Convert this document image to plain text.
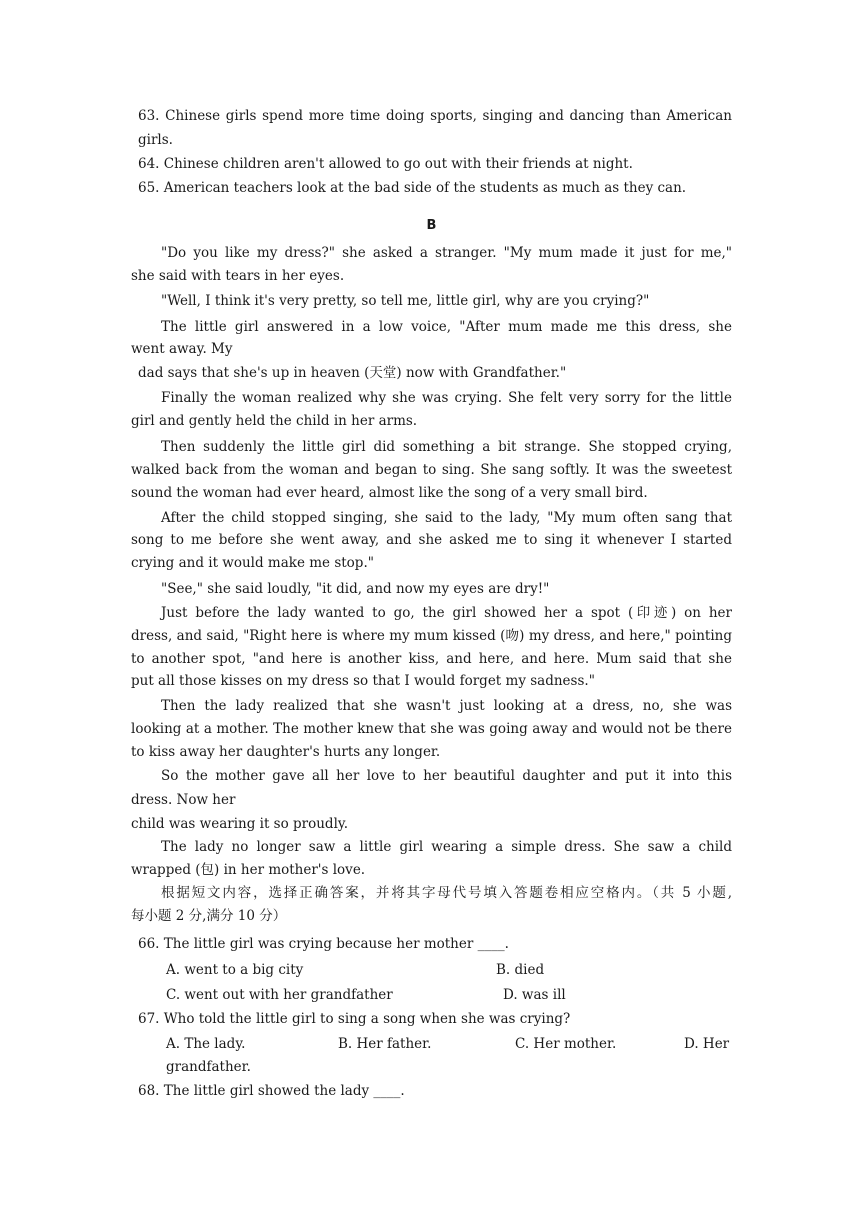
63. Chinese girls spend more time doing sports, singing and dancing than American
girls.
64. Chinese children aren't allowed to go out with their friends at night.
65. American teachers look at the bad side of the students as much as they can.
B
"Do you like my dress?" she asked a stranger. "My mum made it just for me,"
she said with tears in her eyes.
"Well, I think it's very pretty, so tell me, little girl, why are you crying?"
The little girl answered in a low voice, "After mum made me this dress, she
went away. My
dad says that she's up in heaven (天堂) now with Grandfather."
Finally the woman realized why she was crying. She felt very sorry for the little
girl and gently held the child in her arms.
Then suddenly the little girl did something a bit strange. She stopped crying,
walked back from the woman and began to sing. She sang softly. It was the sweetest
sound the woman had ever heard, almost like the song of a very small bird.
After the child stopped singing, she said to the lady, "My mum often sang that
song to me before she went away, and she asked me to sing it whenever I started
crying and it would make me stop."
"See," she said loudly, "it did, and now my eyes are dry!"
Just before the lady wanted to go, the girl showed her a spot (印迹) on her
dress, and said, "Right here is where my mum kissed (吻) my dress, and here," pointing
to another spot, "and here is another kiss, and here, and here. Mum said that she
put all those kisses on my dress so that I would forget my sadness."
Then the lady realized that she wasn't just looking at a dress, no, she was
looking at a mother. The mother knew that she was going away and would not be there
to kiss away her daughter's hurts any longer.
So the mother gave all her love to her beautiful daughter and put it into this
dress. Now her
child was wearing it so proudly.
The lady no longer saw a little girl wearing a simple dress. She saw a child
wrapped (包) in her mother's love.
根据短文内容，选择正确答案，并将其字母代号填入答题卷相应空格内。（共 5 小题,
每小题 2 分,满分 10 分）
66. The little girl was crying because her mother ____.
A. went to a big city	B. died
C. went out with her grandfather	D. was ill
67. Who told the little girl to sing a song when she was crying?
A. The lady.	B. Her father.	C. Her mother.	D. Her
grandfather.
68. The little girl showed the lady ____.
